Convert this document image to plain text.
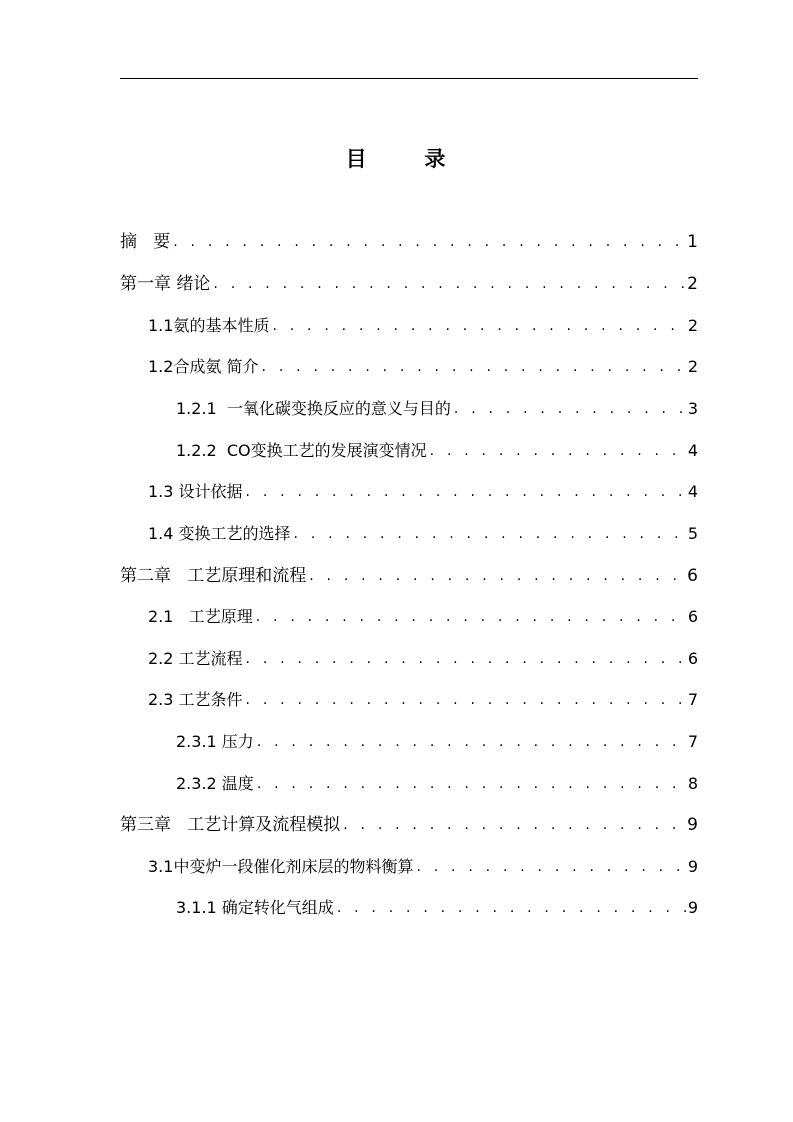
目      录
摘   要 . . .	1
第一章 绪论 . . .	2
1.1氨的基本性质 . . .	2
1.2合成氨 简介 . . .	2
1.2.1  一氧化碳变换反应的意义与目的 . . .	3
1.2.2  CO变换工艺的发展演变情况 . . .	4
1.3 设计依据 . . .	4
1.4 变换工艺的选择 . . .	5
第二章   工艺原理和流程 . . .	6
2.1   工艺原理 . . .	6
2.2 工艺流程 . . .	6
2.3 工艺条件 . . .	7
2.3.1 压力 . . .	7
2.3.2 温度 . . .	8
第三章   工艺计算及流程模拟 . . .	9
3.1中变炉一段催化剂床层的物料衡算 . . .	9
3.1.1 确定转化气组成 . . .	9
